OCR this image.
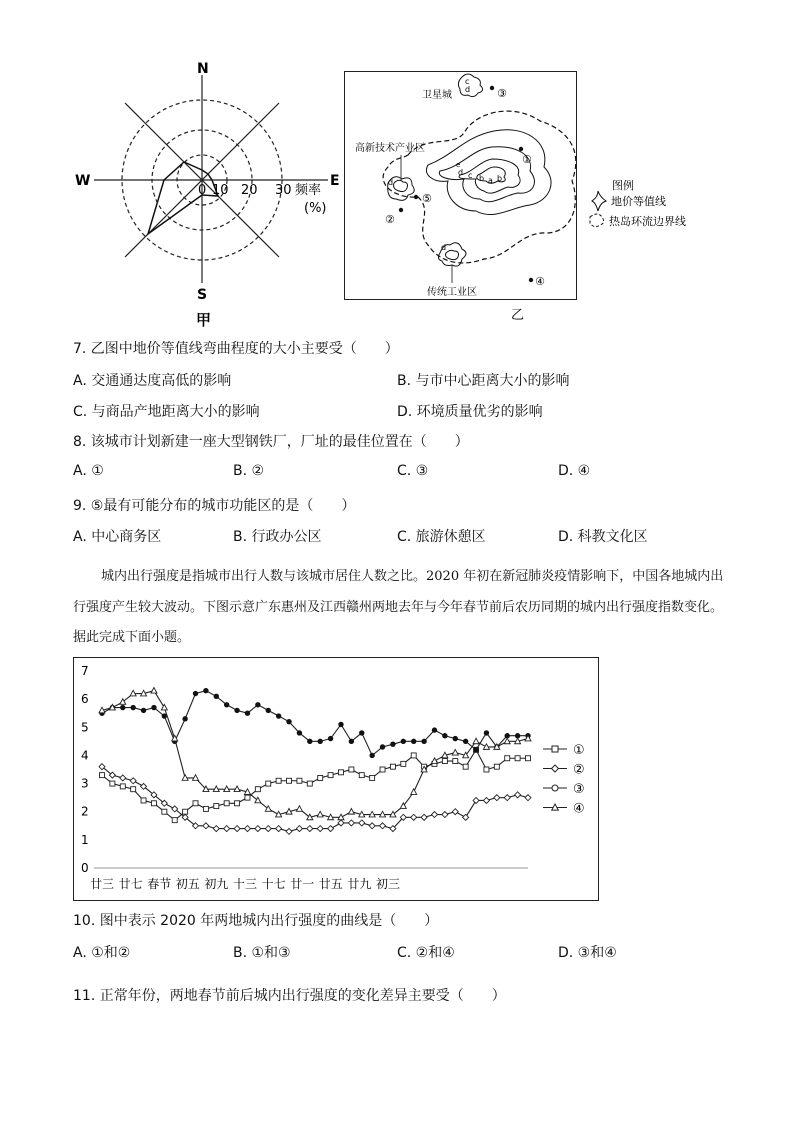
N
S
W	E
0 10 20 30 频率
(%)
甲
c
d
卫星城	③
d
e
c b a b
d
高新技术产业区
⑤
②
①
d
传统工业区
④
图例
地价等值线
热岛环流边界线
乙
7. 乙图中地价等值线弯曲程度的大小主要受（　　）
A. 交通通达度高低的影响	B. 与市中心距离大小的影响
C. 与商品产地距离大小的影响	D. 环境质量优劣的影响
8. 该城市计划新建一座大型钢铁厂，厂址的最佳位置在（　　）
A. ①	B. ②	C. ③	D. ④
9. ⑤最有可能分布的城市功能区的是（　　）
A. 中心商务区	B. 行政办公区	C. 旅游休憩区	D. 科教文化区
城内出行强度是指城市出行人数与该城市居住人数之比。2020 年初在新冠肺炎疫情影响下，中国各地城内出行强度产生较大波动。下图示意广东惠州及江西赣州两地去年与今年春节前后农历同期的城内出行强度指数变化。据此完成下面小题。
0
1
2
3
4
5
6
7
廿三 廿七 春节 初五 初九 十三 十七 廿一 廿五 廿九 初三
①
②
③
④
10. 图中表示 2020 年两地城内出行强度的曲线是（　　）
A. ①和②	B. ①和③	C. ②和④	D. ③和④
11. 正常年份，两地春节前后城内出行强度的变化差异主要受（　　）
